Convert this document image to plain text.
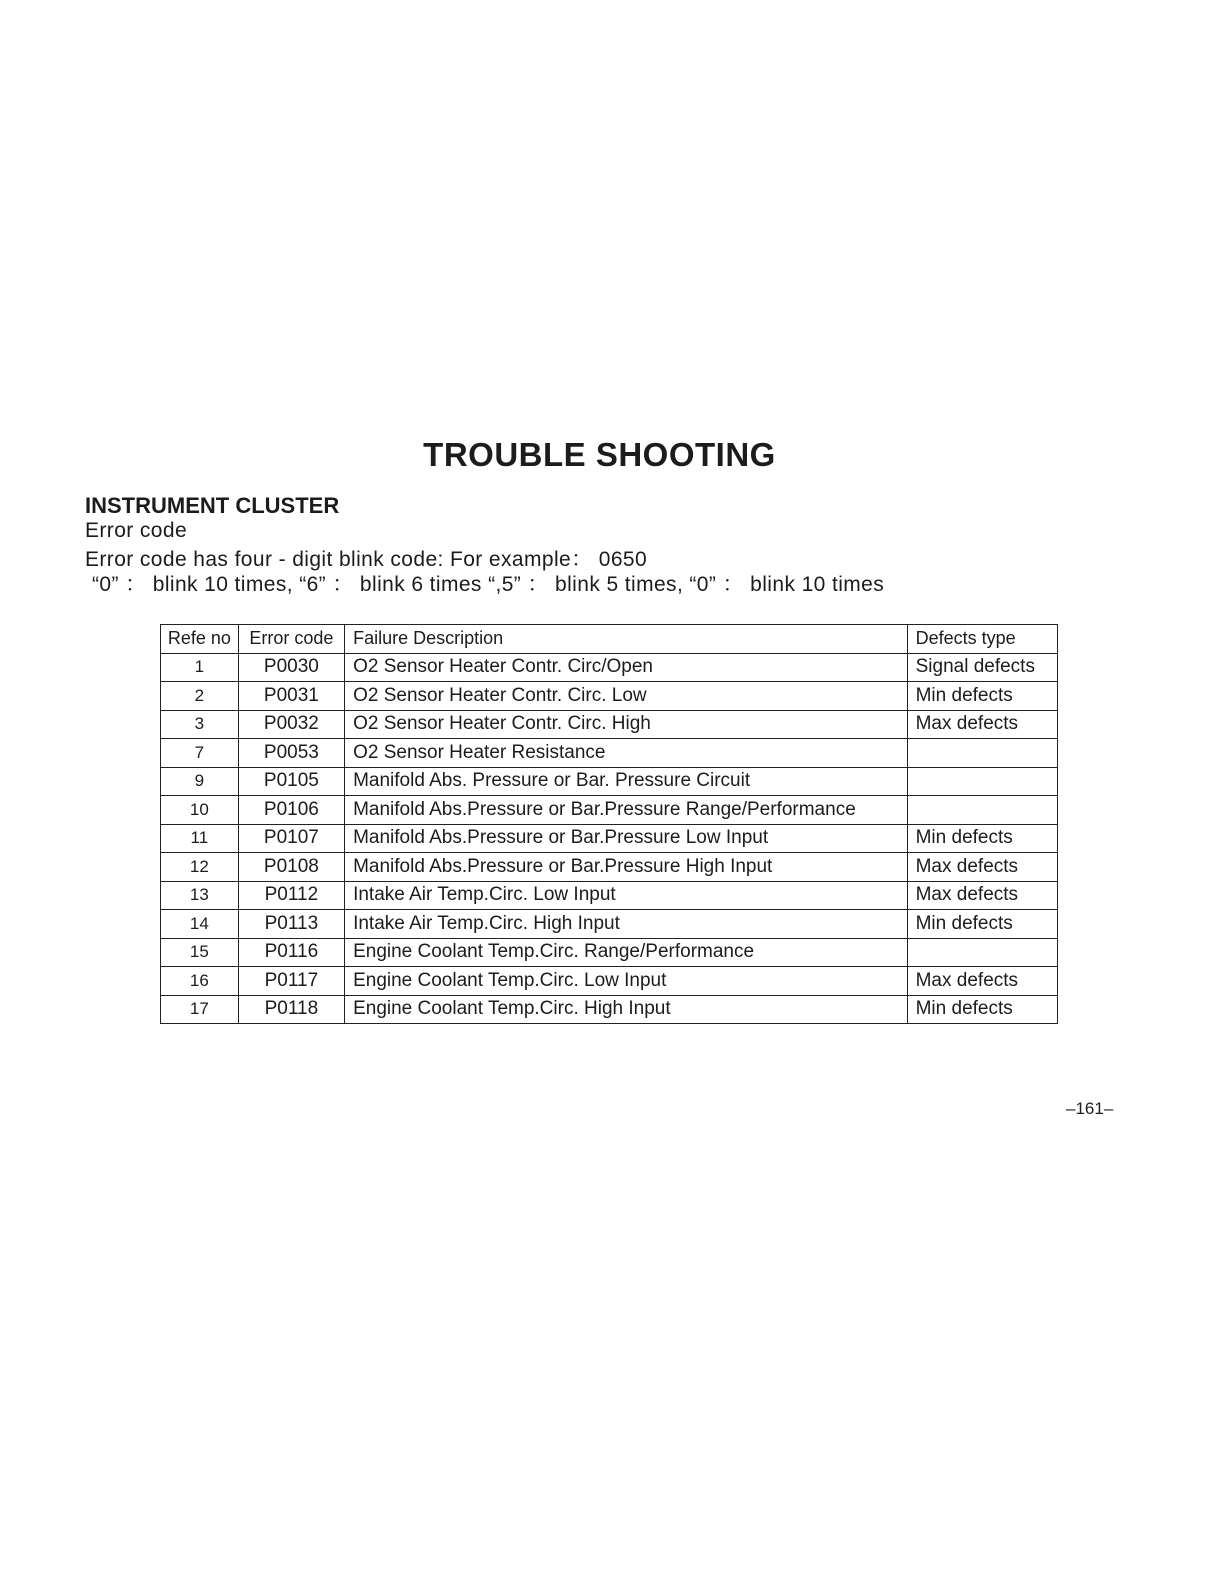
TROUBLE SHOOTING
INSTRUMENT CLUSTER
Error code
Error code has four - digit blink code: For example： 0650
“0” ： blink 10 times, “6” ： blink 6 times “,5” ： blink 5 times, “0” ： blink 10 times
Refe no	Error code	Failure Description	Defects type
1	P0030	O2 Sensor Heater Contr. Circ/Open	Signal defects
2	P0031	O2 Sensor Heater Contr. Circ. Low	Min defects
3	P0032	O2 Sensor Heater Contr. Circ. High	Max defects
7	P0053	O2 Sensor Heater Resistance	
9	P0105	Manifold Abs. Pressure or Bar. Pressure Circuit	
10	P0106	Manifold Abs.Pressure or Bar.Pressure Range/Performance	
11	P0107	Manifold Abs.Pressure or Bar.Pressure Low Input	Min defects
12	P0108	Manifold Abs.Pressure or Bar.Pressure High Input	Max defects
13	P0112	Intake Air Temp.Circ. Low Input	Max defects
14	P0113	Intake Air Temp.Circ. High Input	Min defects
15	P0116	Engine Coolant Temp.Circ. Range/Performance	
16	P0117	Engine Coolant Temp.Circ. Low Input	Max defects
17	P0118	Engine Coolant Temp.Circ. High Input	Min defects
–161–
